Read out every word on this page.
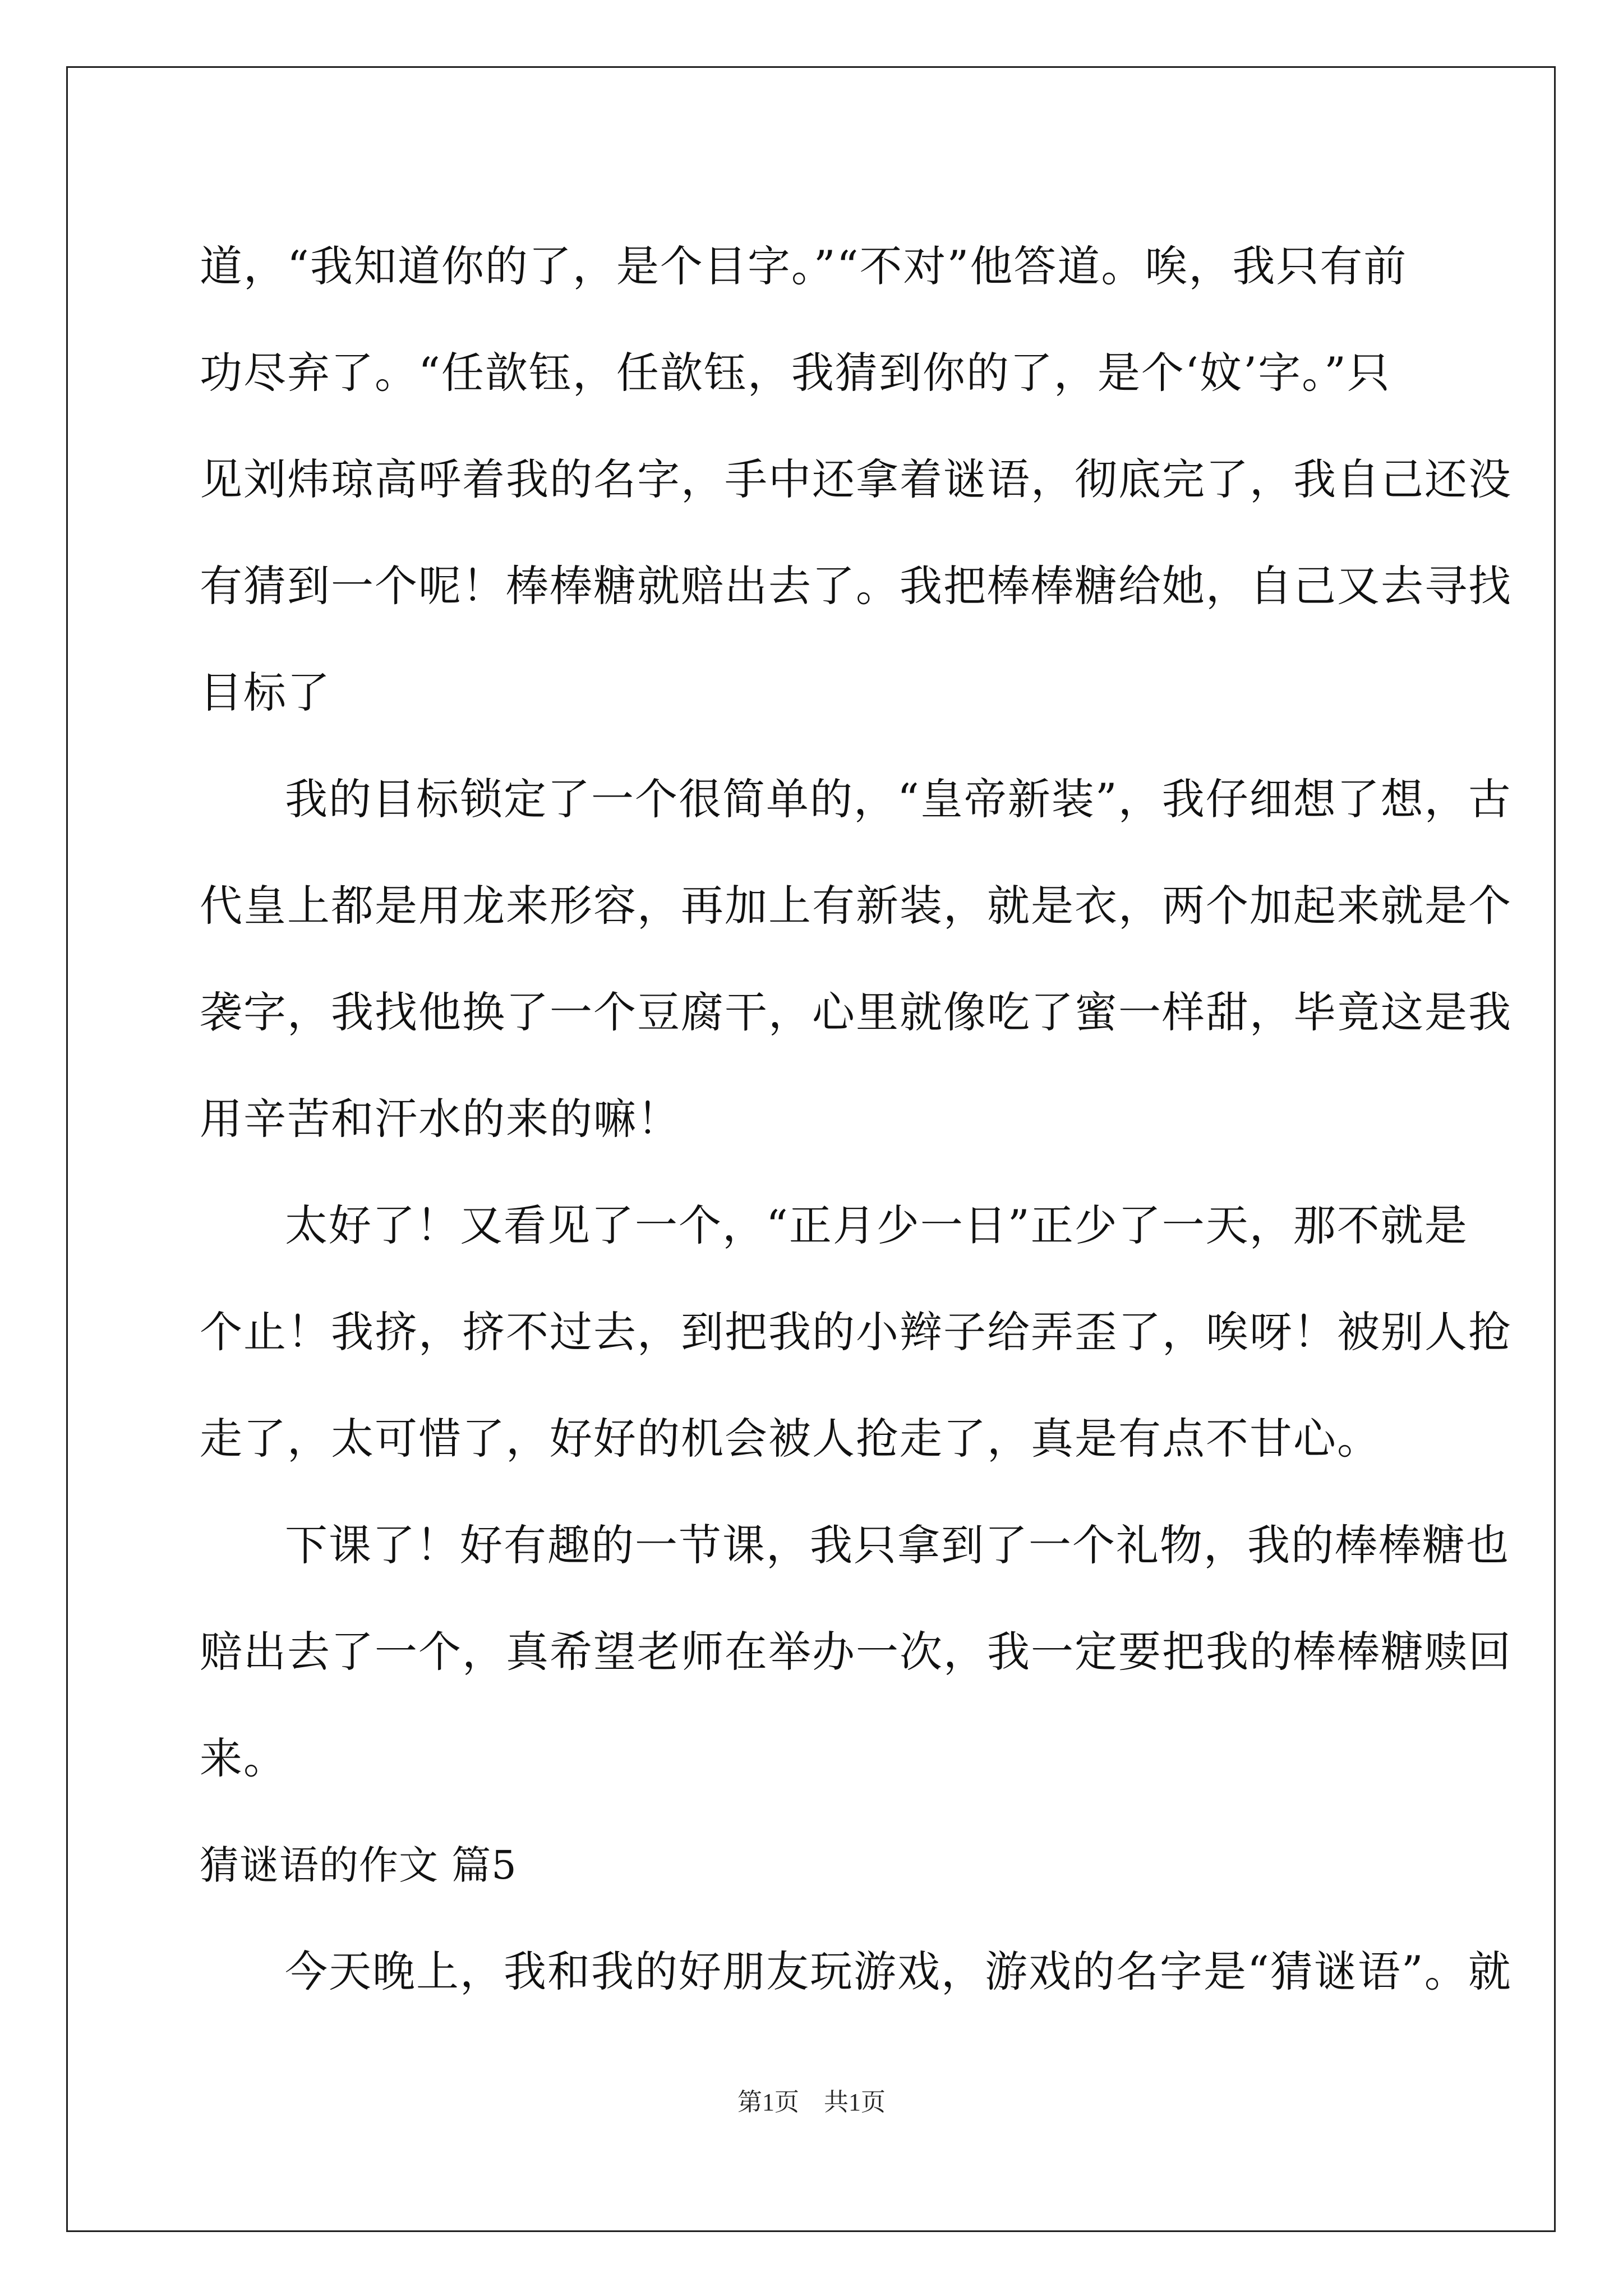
道，“我知道你的了，是个目字。”“不对”他答道。唉，我只有前
功尽弃了。“任歆钰，任歆钰，我猜到你的了，是个‘妏’字。”只
见刘炜琼高呼着我的名字，手中还拿着谜语，彻底完了，我自己还没
有猜到一个呢！棒棒糖就赔出去了。我把棒棒糖给她，自己又去寻找
目标了
我的目标锁定了一个很简单的，“皇帝新装”，我仔细想了想，古
代皇上都是用龙来形容，再加上有新装，就是衣，两个加起来就是个
袭字，我找他换了一个豆腐干，心里就像吃了蜜一样甜，毕竟这是我
用辛苦和汗水的来的嘛！
太好了！又看见了一个，“正月少一日”正少了一天，那不就是
个止！我挤，挤不过去，到把我的小辫子给弄歪了，唉呀！被别人抢
走了，太可惜了，好好的机会被人抢走了，真是有点不甘心。
下课了！好有趣的一节课，我只拿到了一个礼物，我的棒棒糖也
赔出去了一个，真希望老师在举办一次，我一定要把我的棒棒糖赎回
来。
猜谜语的作文 篇5
今天晚上，我和我的好朋友玩游戏，游戏的名字是“猜谜语”。就
第1页　共1页
